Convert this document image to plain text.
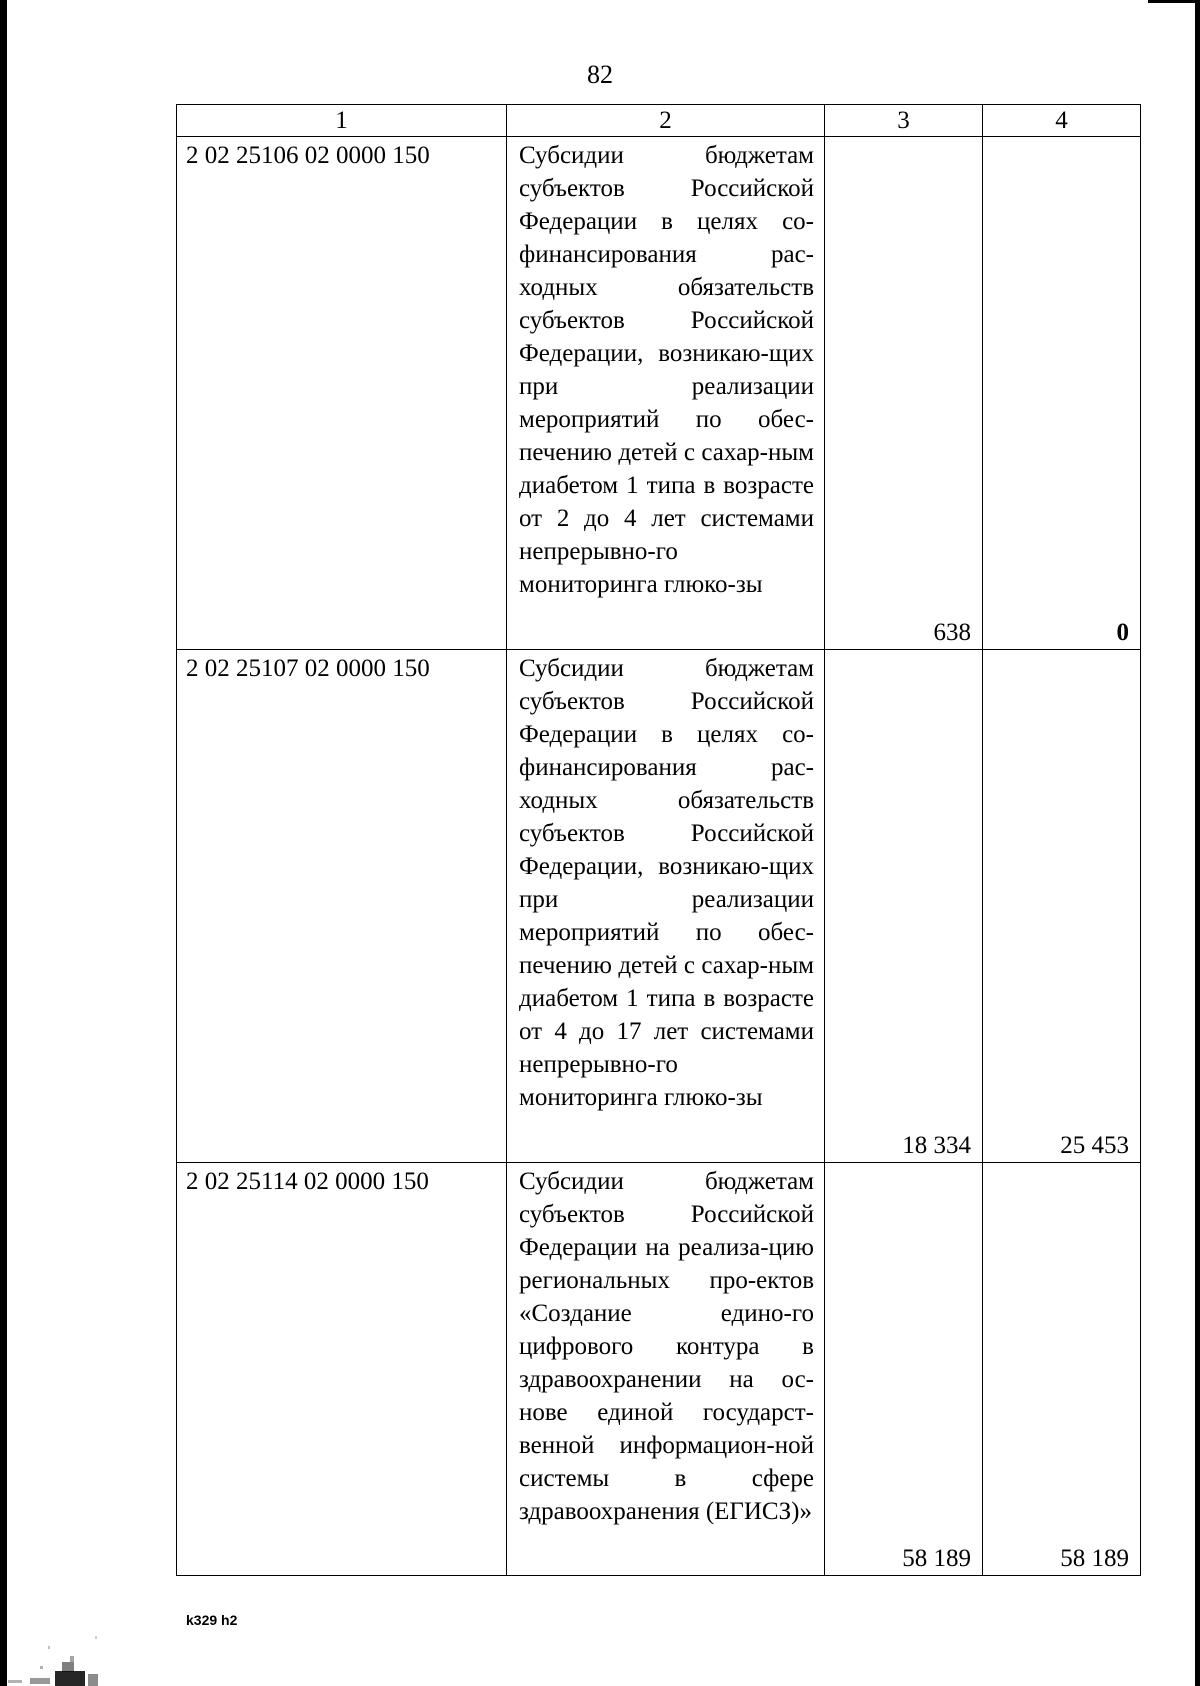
82
1	2	3	4
2 02 25106 02 0000 150	Субсидии бюджетам субъектов Российской Федерации в целях со-финансирования рас-ходных обязательств субъектов Российской Федерации, возникаю-щих при реализации мероприятий по обес-печению детей с сахар-ным диабетом 1 типа в возрасте от 2 до 4 лет системами непрерывно-го мониторинга глюко-зы	638	0
2 02 25107 02 0000 150	Субсидии бюджетам субъектов Российской Федерации в целях со-финансирования рас-ходных обязательств субъектов Российской Федерации, возникаю-щих при реализации мероприятий по обес-печению детей с сахар-ным диабетом 1 типа в возрасте от 4 до 17 лет системами непрерывно-го мониторинга глюко-зы	18 334	25 453
2 02 25114 02 0000 150	Субсидии бюджетам субъектов Российской Федерации на реализа-цию региональных про-ектов «Создание едино-го цифрового контура в здравоохранении на ос-нове единой государст-венной информацион-ной системы в сфере здравоохранения (ЕГИСЗ)»	58 189	58 189
k329 h2
